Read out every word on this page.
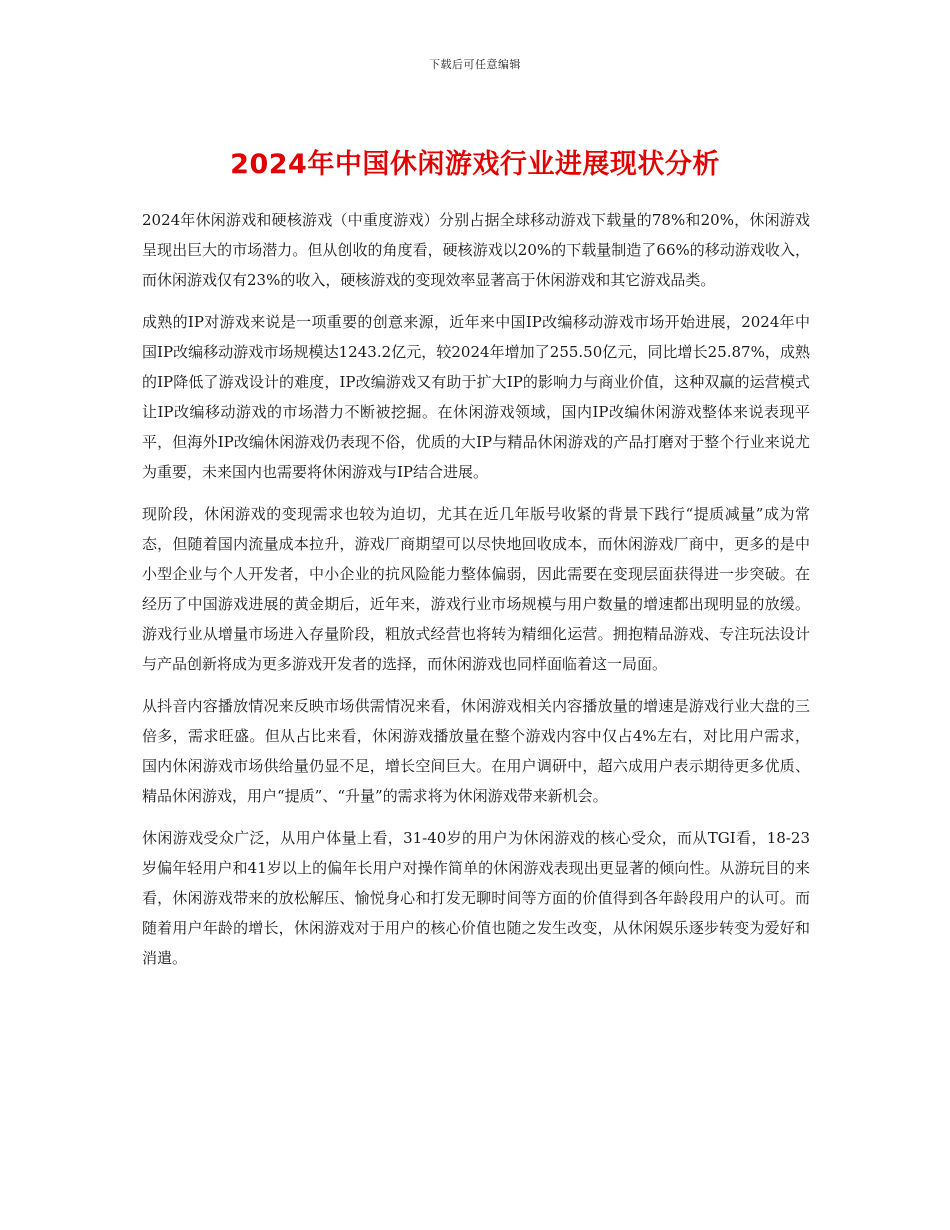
下载后可任意编辑
2024年中国休闲游戏行业进展现状分析

2024年休闲游戏和硬核游戏（中重度游戏）分别占据全球移动游戏下载量的78%和20%，休闲游戏呈现出巨大的市场潜力。但从创收的角度看，硬核游戏以20%的下载量制造了66%的移动游戏收入，而休闲游戏仅有23%的收入，硬核游戏的变现效率显著高于休闲游戏和其它游戏品类。

成熟的IP对游戏来说是一项重要的创意来源，近年来中国IP改编移动游戏市场开始进展，2024年中国IP改编移动游戏市场规模达1243.2亿元，较2024年增加了255.50亿元，同比增长25.87%，成熟的IP降低了游戏设计的难度，IP改编游戏又有助于扩大IP的影响力与商业价值，这种双赢的运营模式让IP改编移动游戏的市场潜力不断被挖掘。在休闲游戏领域，国内IP改编休闲游戏整体来说表现平平，但海外IP改编休闲游戏仍表现不俗，优质的大IP与精品休闲游戏的产品打磨对于整个行业来说尤为重要，未来国内也需要将休闲游戏与IP结合进展。

现阶段，休闲游戏的变现需求也较为迫切，尤其在近几年版号收紧的背景下践行“提质减量”成为常态，但随着国内流量成本拉升，游戏厂商期望可以尽快地回收成本，而休闲游戏厂商中，更多的是中小型企业与个人开发者，中小企业的抗风险能力整体偏弱，因此需要在变现层面获得进一步突破。在经历了中国游戏进展的黄金期后，近年来，游戏行业市场规模与用户数量的增速都出现明显的放缓。游戏行业从增量市场进入存量阶段，粗放式经营也将转为精细化运营。拥抱精品游戏、专注玩法设计与产品创新将成为更多游戏开发者的选择，而休闲游戏也同样面临着这一局面。

从抖音内容播放情况来反映市场供需情况来看，休闲游戏相关内容播放量的增速是游戏行业大盘的三倍多，需求旺盛。但从占比来看，休闲游戏播放量在整个游戏内容中仅占4%左右，对比用户需求，国内休闲游戏市场供给量仍显不足，增长空间巨大。在用户调研中，超六成用户表示期待更多优质、精品休闲游戏，用户“提质”、“升量”的需求将为休闲游戏带来新机会。

休闲游戏受众广泛，从用户体量上看，31-40岁的用户为休闲游戏的核心受众，而从TGI看，18-23岁偏年轻用户和41岁以上的偏年长用户对操作简单的休闲游戏表现出更显著的倾向性。从游玩目的来看，休闲游戏带来的放松解压、愉悦身心和打发无聊时间等方面的价值得到各年龄段用户的认可。而随着用户年龄的增长，休闲游戏对于用户的核心价值也随之发生改变，从休闲娱乐逐步转变为爱好和消遣。
